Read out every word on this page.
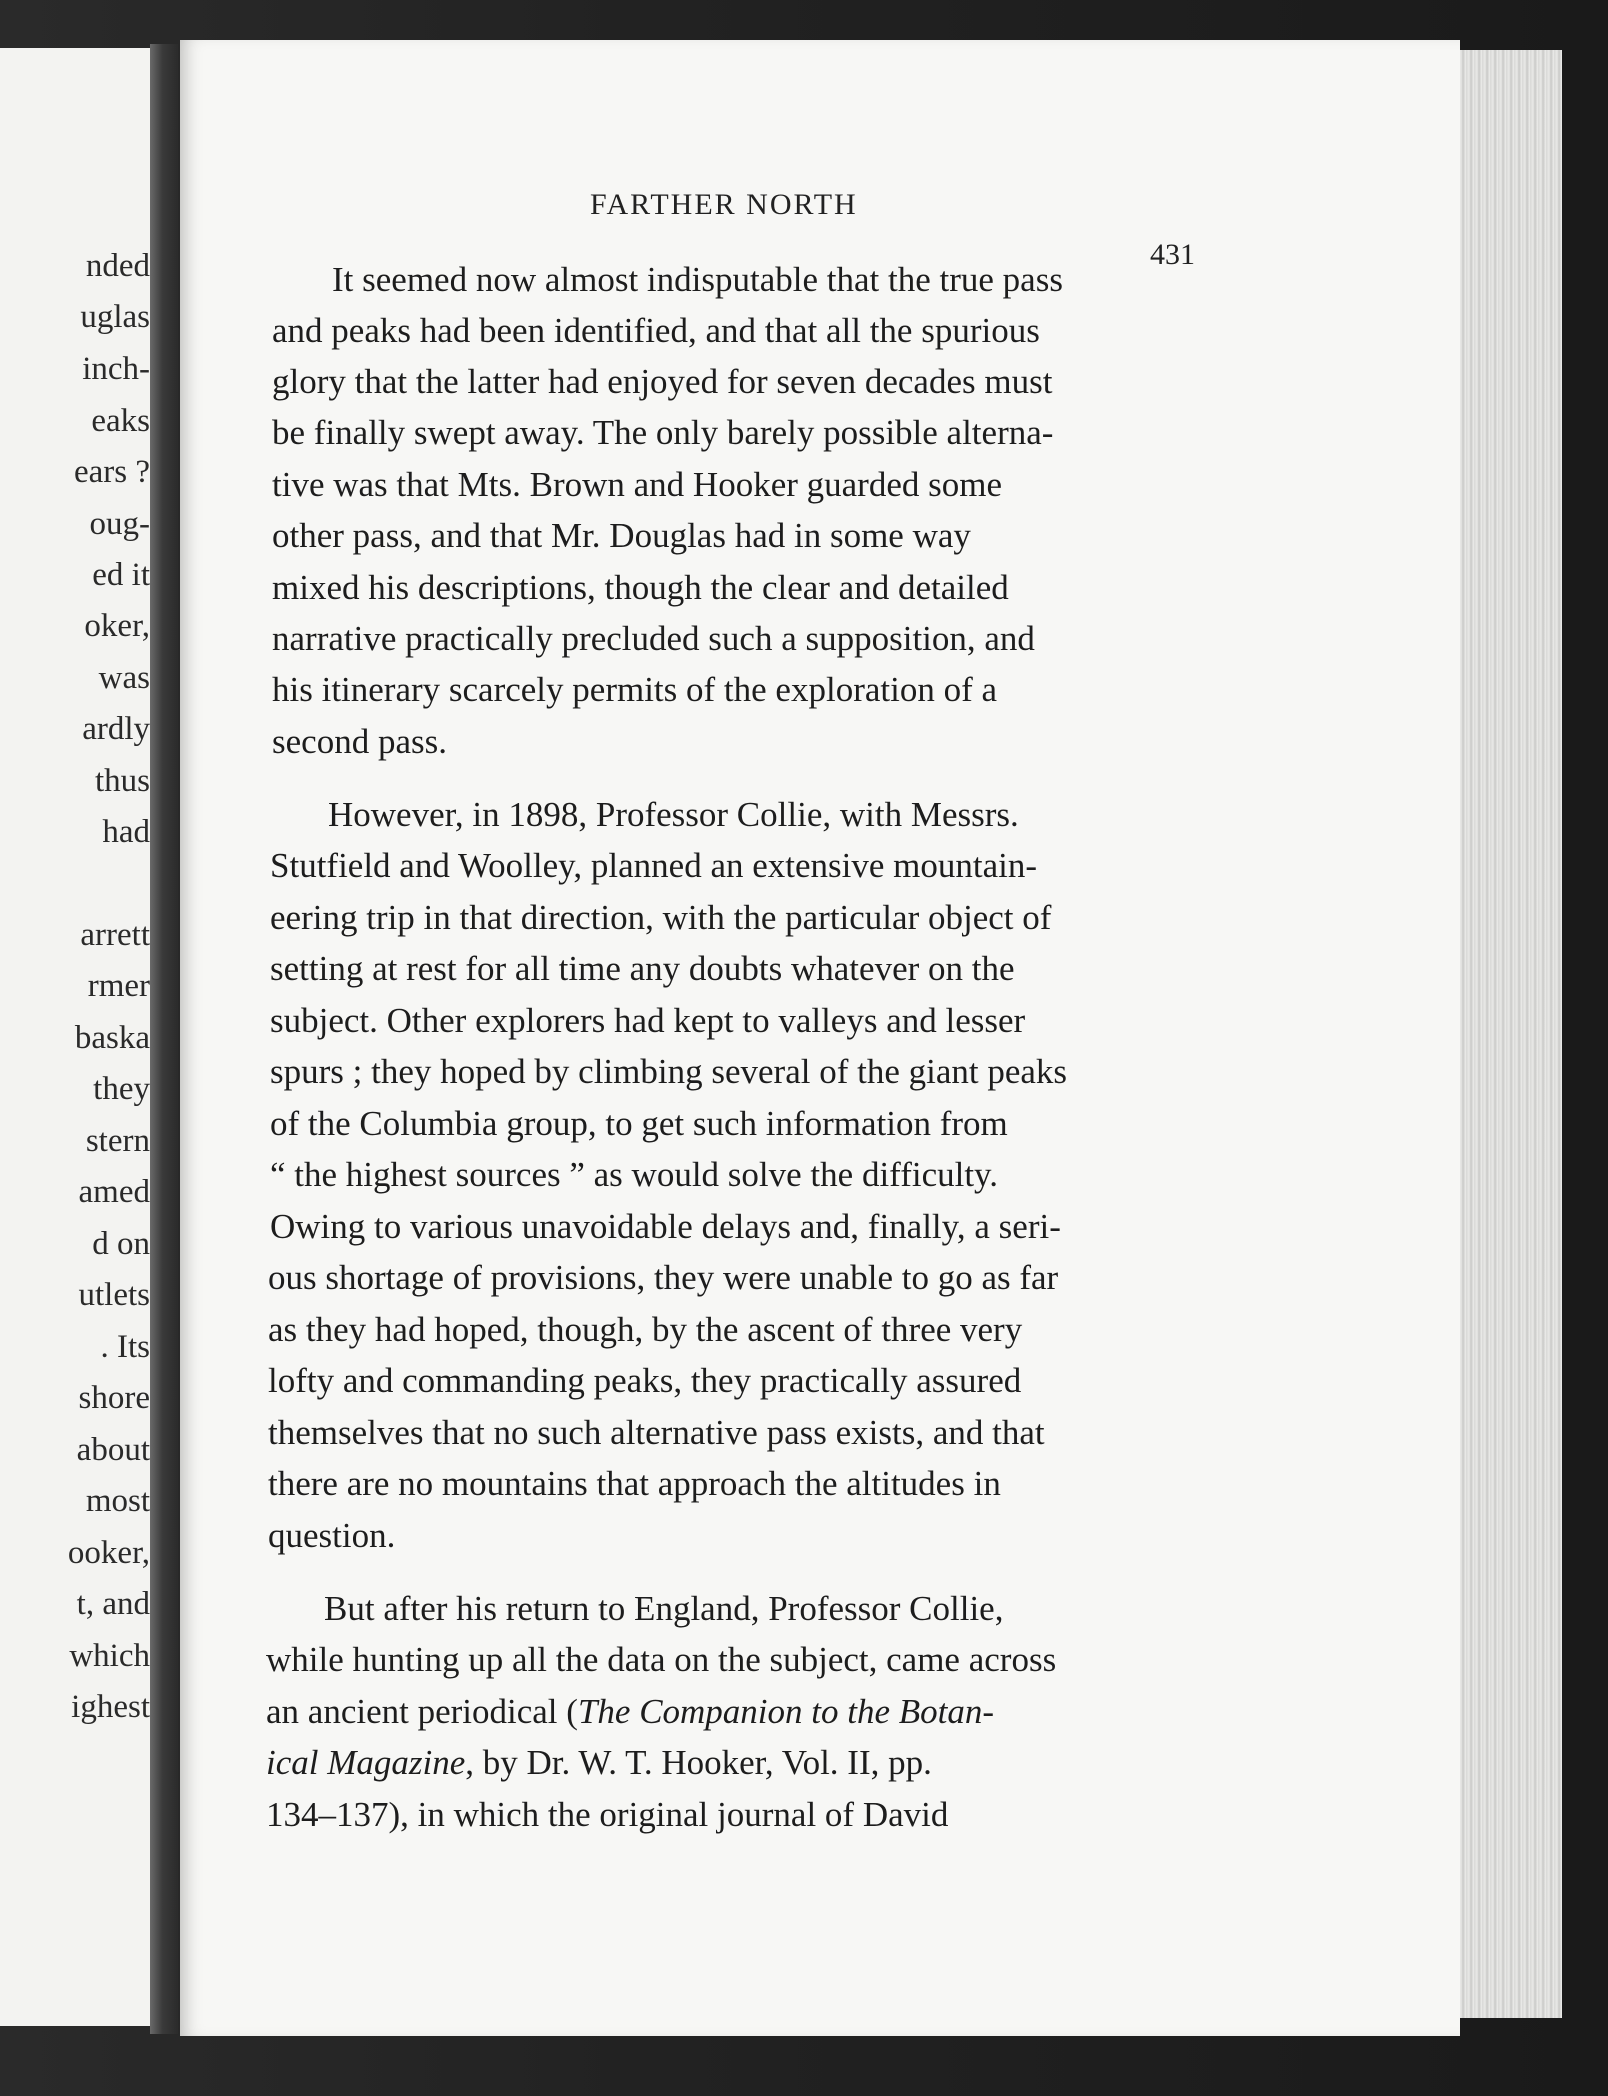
nded
uglas
inch-
eaks
ears ?
oug-
ed it
oker,
was
ardly
thus
had
arrett
rmer
baska
they
stern
amed
d on
utlets
. Its
shore
about
most
ooker,
t, and
which
ighest
FARTHER NORTH
431
It seemed now almost indisputable that the true pass
and peaks had been identified, and that all the spurious
glory that the latter had enjoyed for seven decades must
be finally swept away. The only barely possible alterna-
tive was that Mts. Brown and Hooker guarded some
other pass, and that Mr. Douglas had in some way
mixed his descriptions, though the clear and detailed
narrative practically precluded such a supposition, and
his itinerary scarcely permits of the exploration of a
second pass.
However, in 1898, Professor Collie, with Messrs.
Stutfield and Woolley, planned an extensive mountain-
eering trip in that direction, with the particular object of
setting at rest for all time any doubts whatever on the
subject. Other explorers had kept to valleys and lesser
spurs ; they hoped by climbing several of the giant peaks
of the Columbia group, to get such information from
“ the highest sources ” as would solve the difficulty.
Owing to various unavoidable delays and, finally, a seri-
ous shortage of provisions, they were unable to go as far
as they had hoped, though, by the ascent of three very
lofty and commanding peaks, they practically assured
themselves that no such alternative pass exists, and that
there are no mountains that approach the altitudes in
question.
But after his return to England, Professor Collie,
while hunting up all the data on the subject, came across
an ancient periodical (The Companion to the Botan-
ical Magazine, by Dr. W. T. Hooker, Vol. II, pp.
134–137), in which the original journal of David
